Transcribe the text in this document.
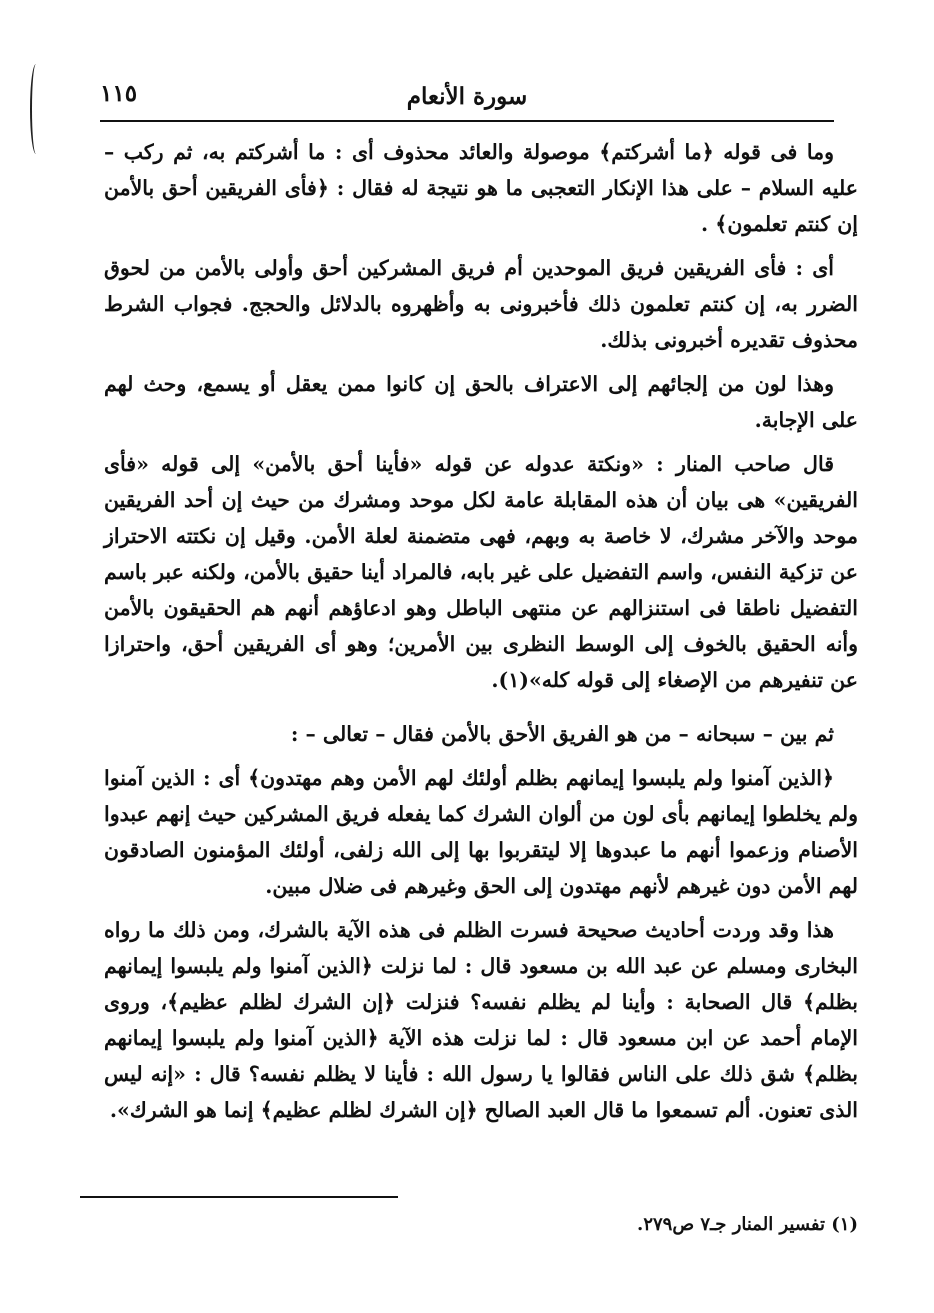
سورة الأنعام
١١٥

وما فى قوله ﴿ما أشركتم﴾ موصولة والعائد محذوف أى : ما أشركتم به، ثم ركب – عليه السلام – على هذا الإنكار التعجبى ما هو نتيجة له فقال : ﴿فأى الفريقين أحق بالأمن إن كنتم تعلمون﴾ .

أى : فأى الفريقين فريق الموحدين أم فريق المشركين أحق وأولى بالأمن من لحوق الضرر به، إن كنتم تعلمون ذلك فأخبرونى به وأظهروه بالدلائل والحجج. فجواب الشرط محذوف تقديره أخبرونى بذلك.

وهذا لون من إلجائهم إلى الاعتراف بالحق إن كانوا ممن يعقل أو يسمع، وحث لهم على الإجابة.

قال صاحب المنار : «ونكتة عدوله عن قوله «فأينا أحق بالأمن» إلى قوله «فأى الفريقين» هى بيان أن هذه المقابلة عامة لكل موحد ومشرك من حيث إن أحد الفريقين موحد والآخر مشرك، لا خاصة به وبهم، فهى متضمنة لعلة الأمن. وقيل إن نكتته الاحتراز عن تزكية النفس، واسم التفضيل على غير بابه، فالمراد أينا حقيق بالأمن، ولكنه عبر باسم التفضيل ناطقا فى استنزالهم عن منتهى الباطل وهو ادعاؤهم أنهم هم الحقيقون بالأمن وأنه الحقيق بالخوف إلى الوسط النظرى بين الأمرين؛ وهو أى الفريقين أحق، واحترازا عن تنفيرهم من الإصغاء إلى قوله كله»(١).

ثم بين – سبحانه – من هو الفريق الأحق بالأمن فقال – تعالى – :

﴿الذين آمنوا ولم يلبسوا إيمانهم بظلم أولئك لهم الأمن وهم مهتدون﴾ أى : الذين آمنوا ولم يخلطوا إيمانهم بأى لون من ألوان الشرك كما يفعله فريق المشركين حيث إنهم عبدوا الأصنام وزعموا أنهم ما عبدوها إلا ليتقربوا بها إلى الله زلفى، أولئك المؤمنون الصادقون لهم الأمن دون غيرهم لأنهم مهتدون إلى الحق وغيرهم فى ضلال مبين.

هذا وقد وردت أحاديث صحيحة فسرت الظلم فى هذه الآية بالشرك، ومن ذلك ما رواه البخارى ومسلم عن عبد الله بن مسعود قال : لما نزلت ﴿الذين آمنوا ولم يلبسوا إيمانهم بظلم﴾ قال الصحابة : وأينا لم يظلم نفسه؟ فنزلت ﴿إن الشرك لظلم عظيم﴾، وروى الإمام أحمد عن ابن مسعود قال : لما نزلت هذه الآية ﴿الذين آمنوا ولم يلبسوا إيمانهم بظلم﴾ شق ذلك على الناس فقالوا يا رسول الله : فأينا لا يظلم نفسه؟ قال : «إنه ليس الذى تعنون. ألم تسمعوا ما قال العبد الصالح ﴿إن الشرك لظلم عظيم﴾ إنما هو الشرك».

(١) تفسير المنار جـ٧ ص٢٧٩.
